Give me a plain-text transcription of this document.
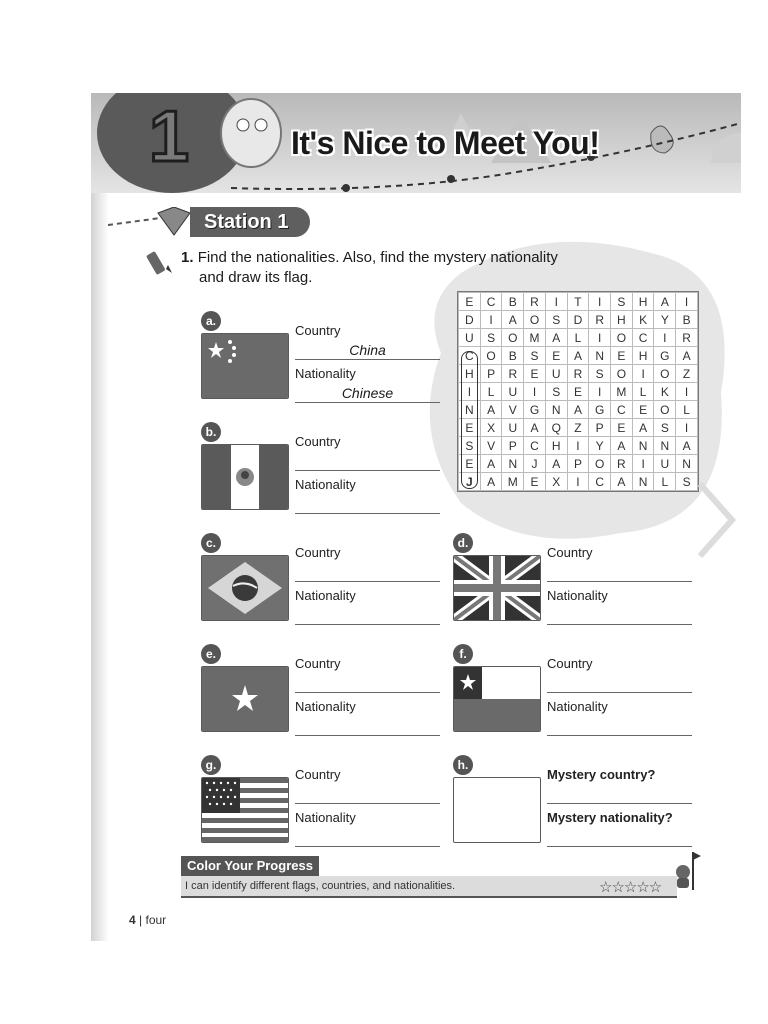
1	It's Nice to Meet You!
Station 1
1. Find the nationalities. Also, find the mystery nationality
and draw its flag.
E	C	B	R	I	T	I	S	H	A	I
D	I	A	O	S	D	R	H	K	Y	B
U	S	O	M	A	L	I	O	C	I	R
C	O	B	S	E	A	N	E	H	G	A
H	P	R	E	U	R	S	O	I	O	Z
I	L	U	I	S	E	I	M	L	K	I
N	A	V	G	N	A	G	C	E	O	L
E	X	U	A	Q	Z	P	E	A	S	I
S	V	P	C	H	I	Y	A	N	N	A
E	A	N	J	A	P	O	R	I	U	N
J	A	M	E	X	I	C	A	N	L	S
a.
Country
China
Nationality
Chinese
b.
Country
Nationality
c.
Country
Nationality
d.
Country
Nationality
e.
Country
Nationality
f.
Country
Nationality
g.
Country
Nationality
h.
Mystery country?
Mystery nationality?
Color Your Progress
I can identify different flags, countries, and nationalities.	☆☆☆☆☆
4 | four
